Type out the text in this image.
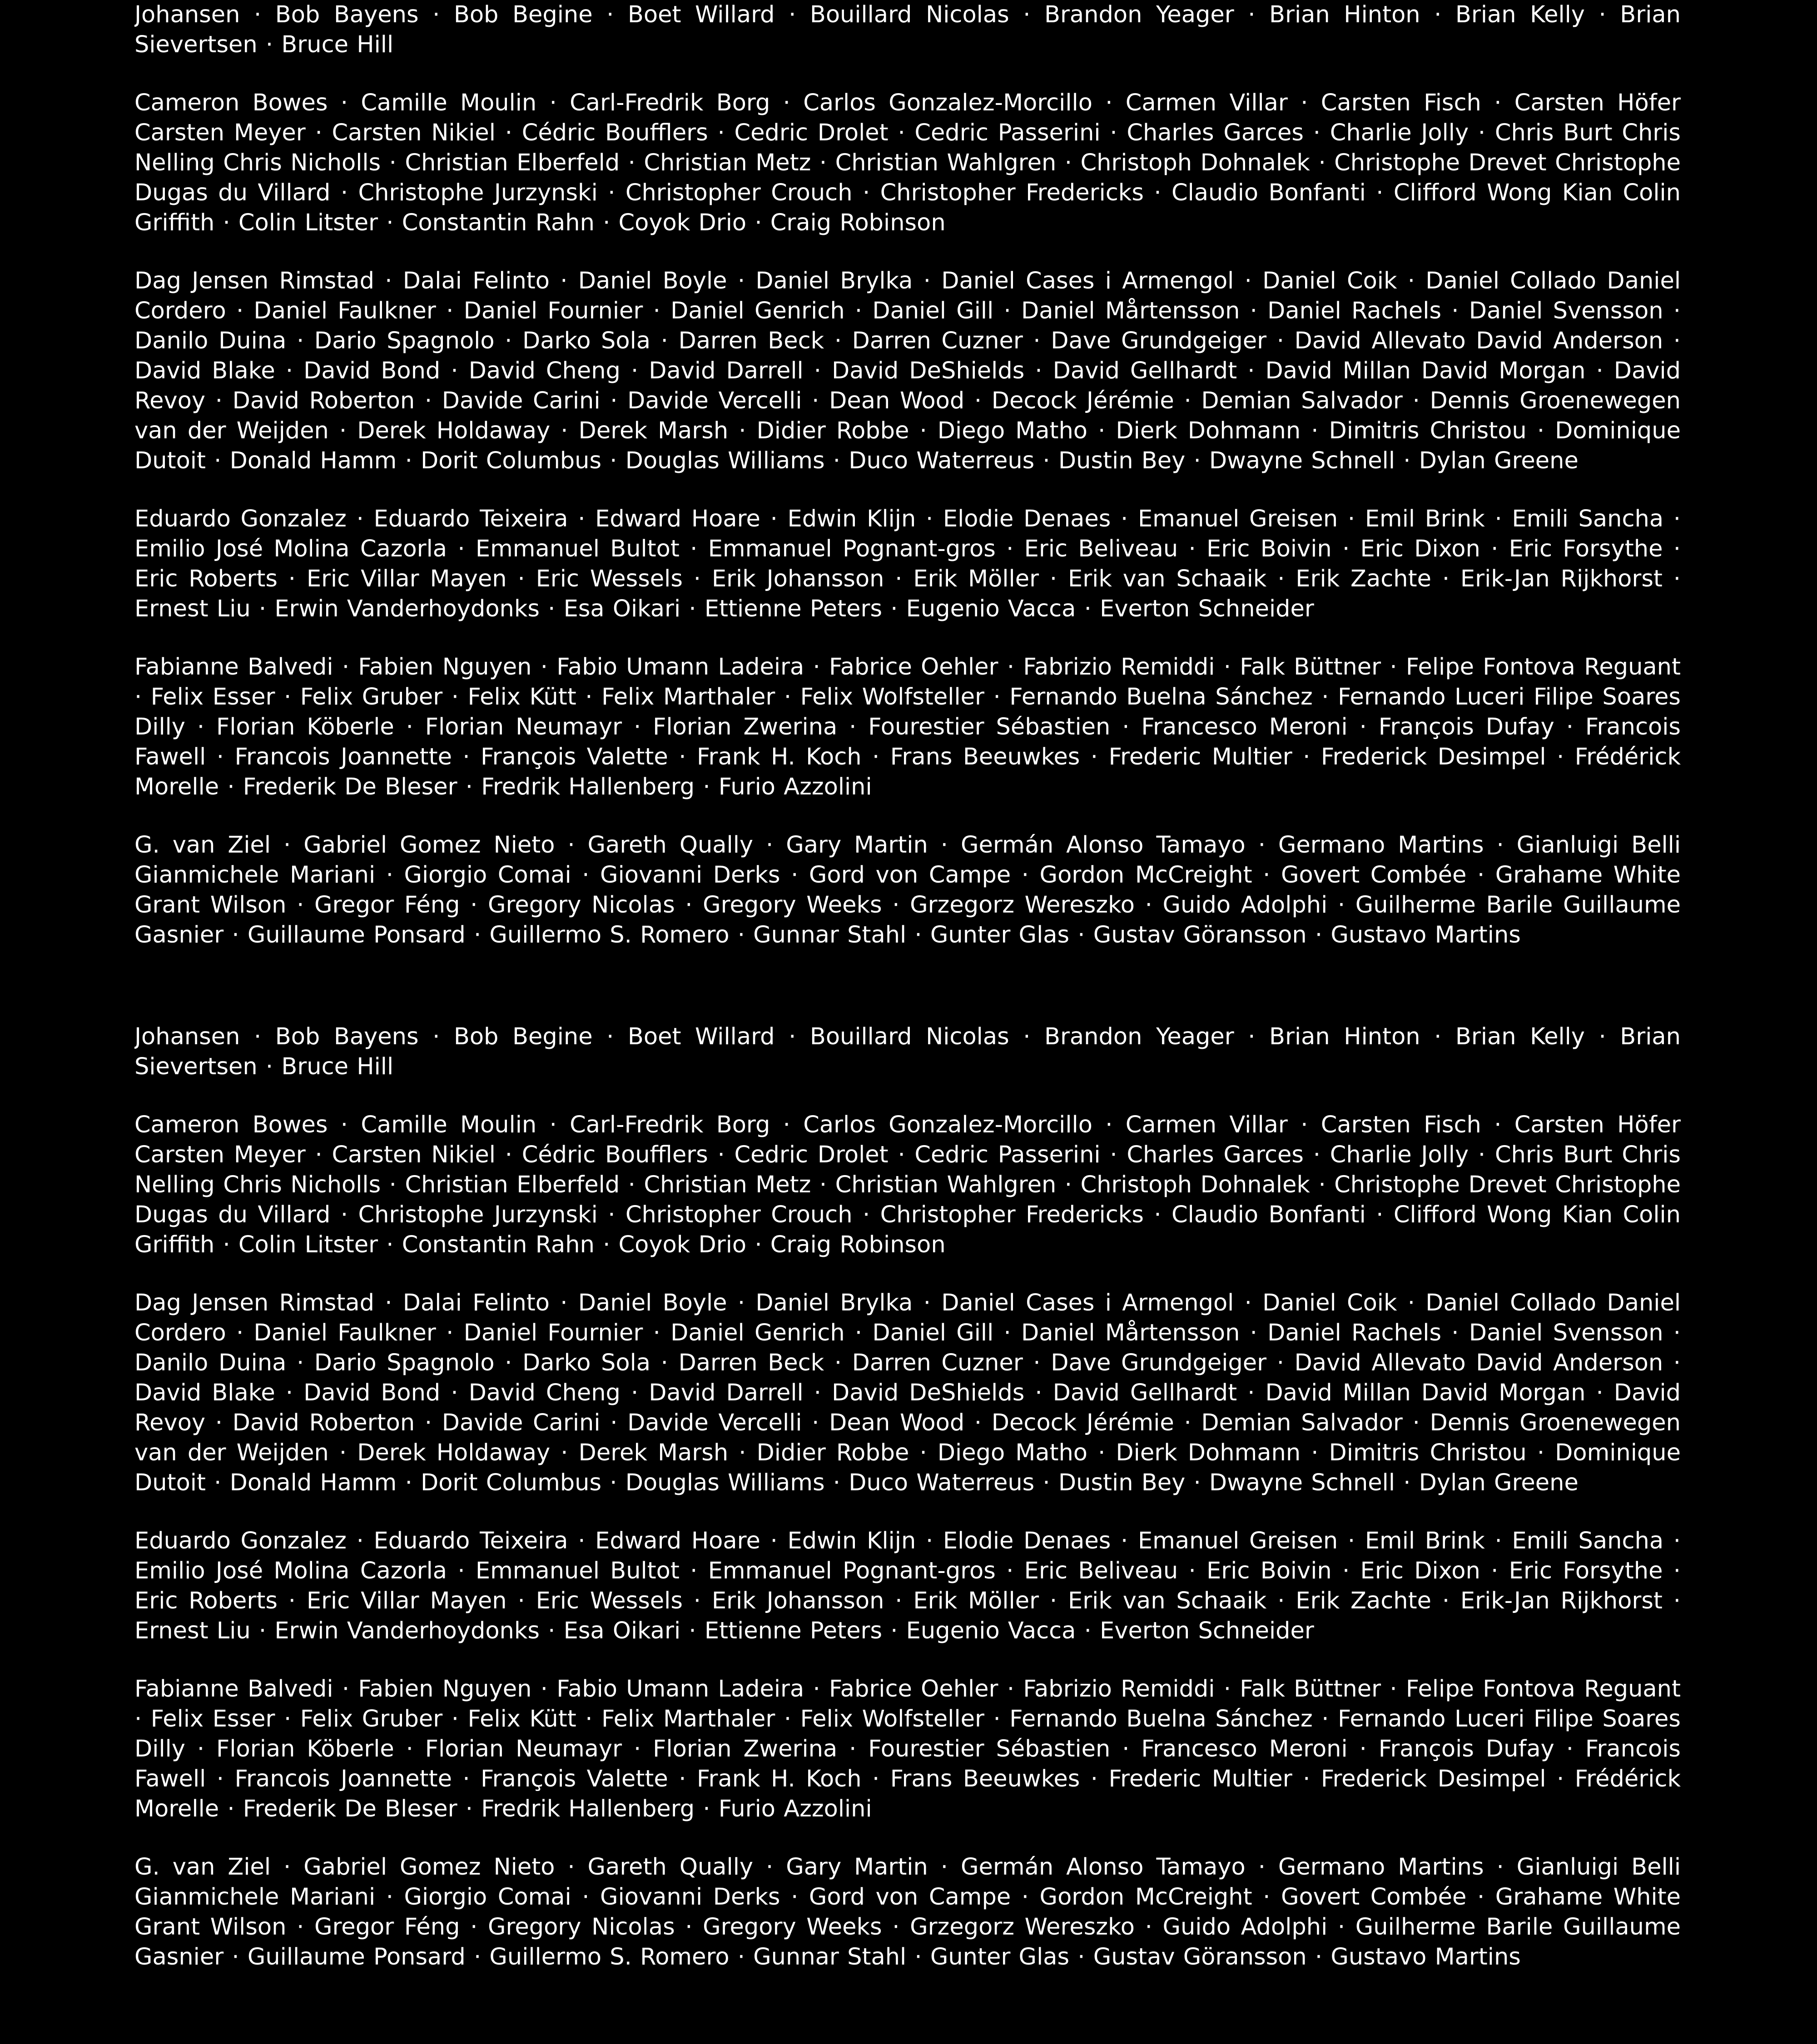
Johansen · Bob Bayens · Bob Begine · Boet Willard · Bouillard Nicolas · Brandon Yeager · Brian Hinton · Brian Kelly · Brian Sievertsen · Bruce Hill

Cameron Bowes · Camille Moulin · Carl-Fredrik Borg · Carlos Gonzalez-Morcillo · Carmen Villar · Carsten Fisch · Carsten Höfer Carsten Meyer · Carsten Nikiel · Cédric Boufflers · Cedric Drolet · Cedric Passerini · Charles Garces · Charlie Jolly · Chris Burt Chris Nelling Chris Nicholls · Christian Elberfeld · Christian Metz · Christian Wahlgren · Christoph Dohnalek · Christophe Drevet Christophe Dugas du Villard · Christophe Jurzynski · Christopher Crouch · Christopher Fredericks · Claudio Bonfanti · Clifford Wong Kian Colin Griffith · Colin Litster · Constantin Rahn · Coyok Drio · Craig Robinson

Dag Jensen Rimstad · Dalai Felinto · Daniel Boyle · Daniel Brylka · Daniel Cases i Armengol · Daniel Coik · Daniel Collado Daniel Cordero · Daniel Faulkner · Daniel Fournier · Daniel Genrich · Daniel Gill · Daniel Mårtensson · Daniel Rachels · Daniel Svensson · Danilo Duina · Dario Spagnolo · Darko Sola · Darren Beck · Darren Cuzner · Dave Grundgeiger · David Allevato David Anderson · David Blake · David Bond · David Cheng · David Darrell · David DeShields · David Gellhardt · David Millan David Morgan · David Revoy · David Roberton · Davide Carini · Davide Vercelli · Dean Wood · Decock Jérémie · Demian Salvador · Dennis Groenewegen van der Weijden · Derek Holdaway · Derek Marsh · Didier Robbe · Diego Matho · Dierk Dohmann · Dimitris Christou · Dominique Dutoit · Donald Hamm · Dorit Columbus · Douglas Williams · Duco Waterreus · Dustin Bey · Dwayne Schnell · Dylan Greene

Eduardo Gonzalez · Eduardo Teixeira · Edward Hoare · Edwin Klijn · Elodie Denaes · Emanuel Greisen · Emil Brink · Emili Sancha · Emilio José Molina Cazorla · Emmanuel Bultot · Emmanuel Pognant-gros · Eric Beliveau · Eric Boivin · Eric Dixon · Eric Forsythe · Eric Roberts · Eric Villar Mayen · Eric Wessels · Erik Johansson · Erik Möller · Erik van Schaaik · Erik Zachte · Erik-Jan Rijkhorst · Ernest Liu · Erwin Vanderhoydonks · Esa Oikari · Ettienne Peters · Eugenio Vacca · Everton Schneider

Fabianne Balvedi · Fabien Nguyen · Fabio Umann Ladeira · Fabrice Oehler · Fabrizio Remiddi · Falk Büttner · Felipe Fontova Reguant · Felix Esser · Felix Gruber · Felix Kütt · Felix Marthaler · Felix Wolfsteller · Fernando Buelna Sánchez · Fernando Luceri Filipe Soares Dilly · Florian Köberle · Florian Neumayr · Florian Zwerina · Fourestier Sébastien · Francesco Meroni · François Dufay · Francois Fawell · Francois Joannette · François Valette · Frank H. Koch · Frans Beeuwkes · Frederic Multier · Frederick Desimpel · Frédérick Morelle · Frederik De Bleser · Fredrik Hallenberg · Furio Azzolini

G. van Ziel · Gabriel Gomez Nieto · Gareth Qually · Gary Martin · Germán Alonso Tamayo · Germano Martins · Gianluigi Belli Gianmichele Mariani · Giorgio Comai · Giovanni Derks · Gord von Campe · Gordon McCreight · Govert Combée · Grahame White Grant Wilson · Gregor Féng · Gregory Nicolas · Gregory Weeks · Grzegorz Wereszko · Guido Adolphi · Guilherme Barile Guillaume Gasnier · Guillaume Ponsard · Guillermo S. Romero · Gunnar Stahl · Gunter Glas · Gustav Göransson · Gustavo Martins

Johansen · Bob Bayens · Bob Begine · Boet Willard · Bouillard Nicolas · Brandon Yeager · Brian Hinton · Brian Kelly · Brian Sievertsen · Bruce Hill

Cameron Bowes · Camille Moulin · Carl-Fredrik Borg · Carlos Gonzalez-Morcillo · Carmen Villar · Carsten Fisch · Carsten Höfer Carsten Meyer · Carsten Nikiel · Cédric Boufflers · Cedric Drolet · Cedric Passerini · Charles Garces · Charlie Jolly · Chris Burt Chris Nelling Chris Nicholls · Christian Elberfeld · Christian Metz · Christian Wahlgren · Christoph Dohnalek · Christophe Drevet Christophe Dugas du Villard · Christophe Jurzynski · Christopher Crouch · Christopher Fredericks · Claudio Bonfanti · Clifford Wong Kian Colin Griffith · Colin Litster · Constantin Rahn · Coyok Drio · Craig Robinson

Dag Jensen Rimstad · Dalai Felinto · Daniel Boyle · Daniel Brylka · Daniel Cases i Armengol · Daniel Coik · Daniel Collado Daniel Cordero · Daniel Faulkner · Daniel Fournier · Daniel Genrich · Daniel Gill · Daniel Mårtensson · Daniel Rachels · Daniel Svensson · Danilo Duina · Dario Spagnolo · Darko Sola · Darren Beck · Darren Cuzner · Dave Grundgeiger · David Allevato David Anderson · David Blake · David Bond · David Cheng · David Darrell · David DeShields · David Gellhardt · David Millan David Morgan · David Revoy · David Roberton · Davide Carini · Davide Vercelli · Dean Wood · Decock Jérémie · Demian Salvador · Dennis Groenewegen van der Weijden · Derek Holdaway · Derek Marsh · Didier Robbe · Diego Matho · Dierk Dohmann · Dimitris Christou · Dominique Dutoit · Donald Hamm · Dorit Columbus · Douglas Williams · Duco Waterreus · Dustin Bey · Dwayne Schnell · Dylan Greene

Eduardo Gonzalez · Eduardo Teixeira · Edward Hoare · Edwin Klijn · Elodie Denaes · Emanuel Greisen · Emil Brink · Emili Sancha · Emilio José Molina Cazorla · Emmanuel Bultot · Emmanuel Pognant-gros · Eric Beliveau · Eric Boivin · Eric Dixon · Eric Forsythe · Eric Roberts · Eric Villar Mayen · Eric Wessels · Erik Johansson · Erik Möller · Erik van Schaaik · Erik Zachte · Erik-Jan Rijkhorst · Ernest Liu · Erwin Vanderhoydonks · Esa Oikari · Ettienne Peters · Eugenio Vacca · Everton Schneider

Fabianne Balvedi · Fabien Nguyen · Fabio Umann Ladeira · Fabrice Oehler · Fabrizio Remiddi · Falk Büttner · Felipe Fontova Reguant · Felix Esser · Felix Gruber · Felix Kütt · Felix Marthaler · Felix Wolfsteller · Fernando Buelna Sánchez · Fernando Luceri Filipe Soares Dilly · Florian Köberle · Florian Neumayr · Florian Zwerina · Fourestier Sébastien · Francesco Meroni · François Dufay · Francois Fawell · Francois Joannette · François Valette · Frank H. Koch · Frans Beeuwkes · Frederic Multier · Frederick Desimpel · Frédérick Morelle · Frederik De Bleser · Fredrik Hallenberg · Furio Azzolini

G. van Ziel · Gabriel Gomez Nieto · Gareth Qually · Gary Martin · Germán Alonso Tamayo · Germano Martins · Gianluigi Belli Gianmichele Mariani · Giorgio Comai · Giovanni Derks · Gord von Campe · Gordon McCreight · Govert Combée · Grahame White Grant Wilson · Gregor Féng · Gregory Nicolas · Gregory Weeks · Grzegorz Wereszko · Guido Adolphi · Guilherme Barile Guillaume Gasnier · Guillaume Ponsard · Guillermo S. Romero · Gunnar Stahl · Gunter Glas · Gustav Göransson · Gustavo Martins
